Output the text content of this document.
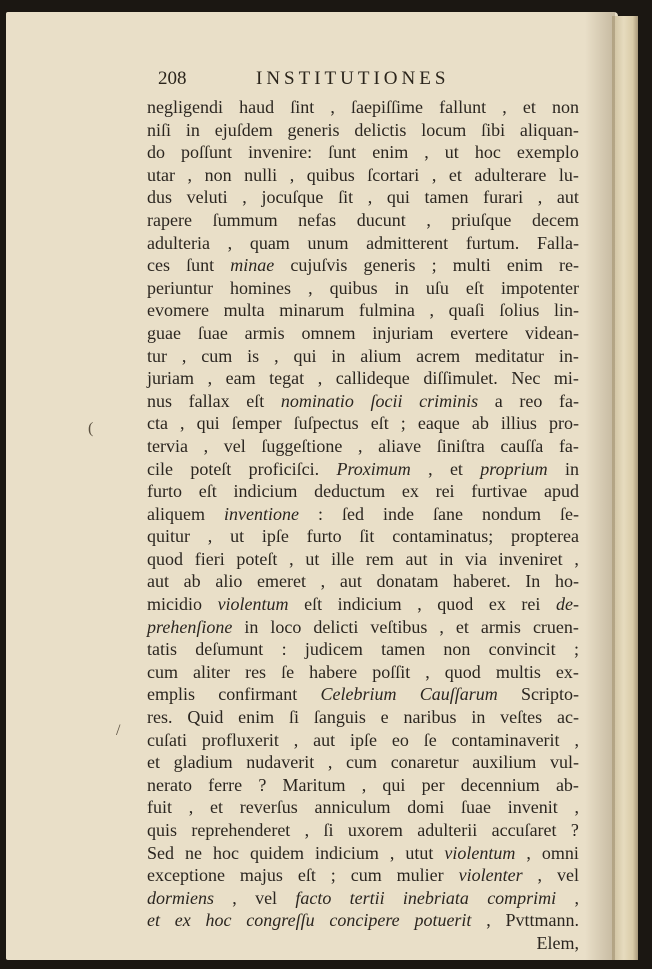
208	INSTITUTIONES
negligendi haud ſint , ſaepiſſime fallunt , et non
niſi in ejuſdem generis delictis locum ſibi aliquan-
do poſſunt invenire: ſunt enim , ut hoc exemplo
utar , non nulli , quibus ſcortari , et adulterare lu-
dus veluti , jocuſque ſit , qui tamen furari , aut
rapere ſummum nefas ducunt , priuſque decem
adulteria , quam unum admitterent furtum. Falla-
ces ſunt minae cujuſvis generis ; multi enim re-
periuntur homines , quibus in uſu eſt impotenter
evomere multa minarum fulmina , quaſi ſolius lin-
guae ſuae armis omnem injuriam evertere videan-
tur , cum is , qui in alium acrem meditatur in-
juriam , eam tegat , callideque diſſimulet. Nec mi-
nus fallax eſt nominatio ſocii criminis a reo fa-
cta , qui ſemper ſuſpectus eſt ; eaque ab illius pro-
tervia , vel ſuggeſtione , aliave ſiniſtra cauſſa fa-
cile poteſt proficiſci. Proximum , et proprium in
furto eſt indicium deductum ex rei furtivae apud
aliquem inventione : ſed inde ſane nondum ſe-
quitur , ut ipſe furto ſit contaminatus; propterea
quod fieri poteſt , ut ille rem aut in via inveniret ,
aut ab alio emeret , aut donatam haberet. In ho-
micidio violentum eſt indicium , quod ex rei de-
prehenſione in loco delicti veſtibus , et armis cruen-
tatis deſumunt : judicem tamen non convincit ;
cum aliter res ſe habere poſſit , quod multis ex-
emplis confirmant Celebrium Cauſſarum Scripto-
res. Quid enim ſi ſanguis e naribus in veſtes ac-
cuſati profluxerit , aut ipſe eo ſe contaminaverit ,
et gladium nudaverit , cum conaretur auxilium vul-
nerato ferre ? Maritum , qui per decennium ab-
fuit , et reverſus anniculum domi ſuae invenit ,
quis reprehenderet , ſi uxorem adulterii accuſaret ?
Sed ne hoc quidem indicium , utut violentum , omni
exceptione majus eſt ; cum mulier violenter , vel
dormiens , vel facto tertii inebriata comprimi ,
et ex hoc congreſſu concipere potuerit , Pvttmann.
Elem,
(
/
